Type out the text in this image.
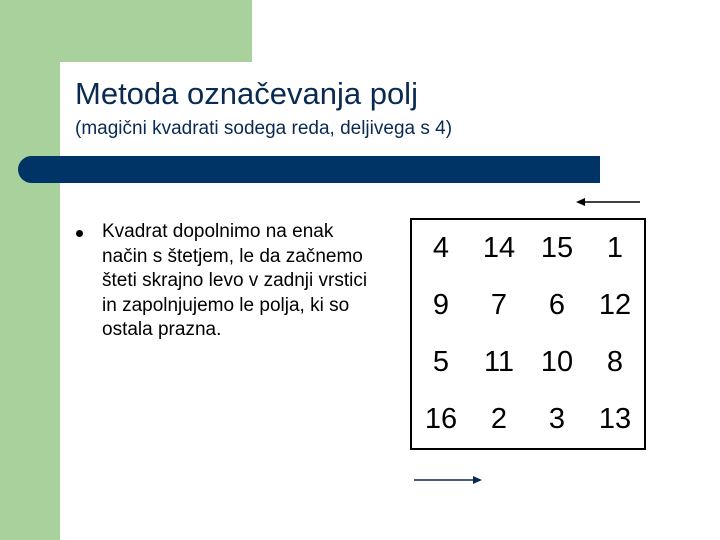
Metoda označevanja polj

(magični kvadrati sodega reda, deljivega s 4)

Kvadrat dopolnimo na enak način s štetjem, le da začnemo šteti skrajno levo v zadnji vrstici in zapolnjujemo le polja, ki so ostala prazna.

4	14	15	1
9	7	6	12
5	11	10	8
16	2	3	13
